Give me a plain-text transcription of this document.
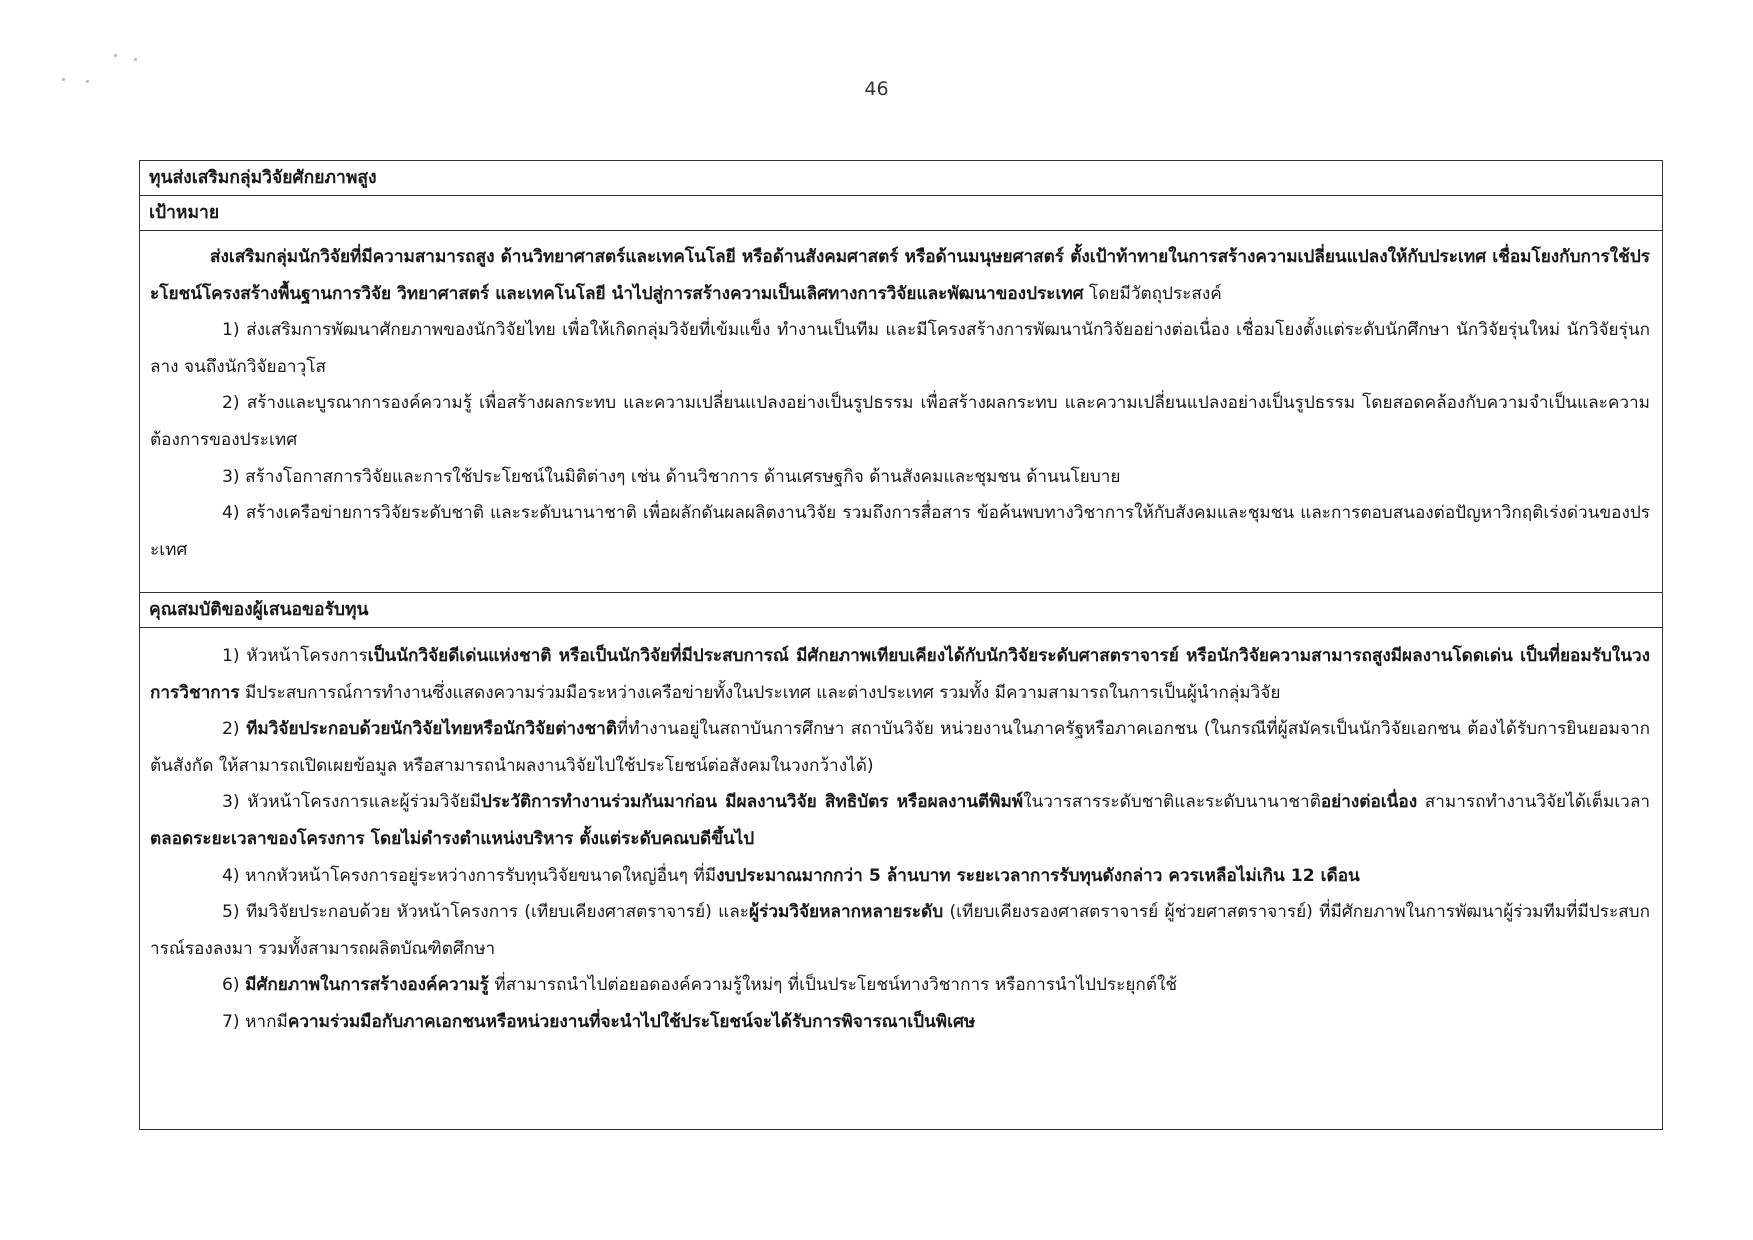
46
ทุนส่งเสริมกลุ่มวิจัยศักยภาพสูง
เป้าหมาย

ส่งเสริมกลุ่มนักวิจัยที่มีความสามารถสูง ด้านวิทยาศาสตร์และเทคโนโลยี หรือด้านสังคมศาสตร์ หรือด้านมนุษยศาสตร์ ตั้งเป้าท้าทายในการสร้างความเปลี่ยนแปลงให้กับประเทศ เชื่อมโยงกับการใช้ประโยชน์โครงสร้างพื้นฐานการวิจัย วิทยาศาสตร์ และเทคโนโลยี นำไปสู่การสร้างความเป็นเลิศทางการวิจัยและพัฒนาของประเทศ โดยมีวัตถุประสงค์

1) ส่งเสริมการพัฒนาศักยภาพของนักวิจัยไทย เพื่อให้เกิดกลุ่มวิจัยที่เข้มแข็ง ทำงานเป็นทีม และมีโครงสร้างการพัฒนานักวิจัยอย่างต่อเนื่อง เชื่อมโยงตั้งแต่ระดับนักศึกษา นักวิจัยรุ่นใหม่ นักวิจัยรุ่นกลาง จนถึงนักวิจัยอาวุโส

2) สร้างและบูรณาการองค์ความรู้ เพื่อสร้างผลกระทบ และความเปลี่ยนแปลงอย่างเป็นรูปธรรม เพื่อสร้างผลกระทบ และความเปลี่ยนแปลงอย่างเป็นรูปธรรม โดยสอดคล้องกับความจำเป็นและความต้องการของประเทศ

3) สร้างโอกาสการวิจัยและการใช้ประโยชน์ในมิติต่างๆ เช่น ด้านวิชาการ ด้านเศรษฐกิจ ด้านสังคมและชุมชน ด้านนโยบาย

4) สร้างเครือข่ายการวิจัยระดับชาติ และระดับนานาชาติ เพื่อผลักดันผลผลิตงานวิจัย รวมถึงการสื่อสาร ข้อค้นพบทางวิชาการให้กับสังคมและชุมชน และการตอบสนองต่อปัญหาวิกฤติเร่งด่วนของประเทศ

คุณสมบัติของผู้เสนอขอรับทุน

1) หัวหน้าโครงการเป็นนักวิจัยดีเด่นแห่งชาติ หรือเป็นนักวิจัยที่มีประสบการณ์ มีศักยภาพเทียบเคียงได้กับนักวิจัยระดับศาสตราจารย์ หรือนักวิจัยความสามารถสูงมีผลงานโดดเด่น เป็นที่ยอมรับในวงการวิชาการ มีประสบการณ์การทำงานซึ่งแสดงความร่วมมือระหว่างเครือข่ายทั้งในประเทศ และต่างประเทศ รวมทั้ง มีความสามารถในการเป็นผู้นำกลุ่มวิจัย

2) ทีมวิจัยประกอบด้วยนักวิจัยไทยหรือนักวิจัยต่างชาติที่ทำงานอยู่ในสถาบันการศึกษา สถาบันวิจัย หน่วยงานในภาครัฐหรือภาคเอกชน (ในกรณีที่ผู้สมัครเป็นนักวิจัยเอกชน ต้องได้รับการยินยอมจากต้นสังกัด ให้สามารถเปิดเผยข้อมูล หรือสามารถนำผลงานวิจัยไปใช้ประโยชน์ต่อสังคมในวงกว้างได้)

3) หัวหน้าโครงการและผู้ร่วมวิจัยมีประวัติการทำงานร่วมกันมาก่อน มีผลงานวิจัย สิทธิบัตร หรือผลงานตีพิมพ์ในวารสารระดับชาติและระดับนานาชาติอย่างต่อเนื่อง สามารถทำงานวิจัยได้เต็มเวลา ตลอดระยะเวลาของโครงการ โดยไม่ดำรงตำแหน่งบริหาร ตั้งแต่ระดับคณบดีขึ้นไป

4) หากหัวหน้าโครงการอยู่ระหว่างการรับทุนวิจัยขนาดใหญ่อื่นๆ ที่มีงบประมาณมากกว่า 5 ล้านบาท ระยะเวลาการรับทุนดังกล่าว ควรเหลือไม่เกิน 12 เดือน

5) ทีมวิจัยประกอบด้วย หัวหน้าโครงการ (เทียบเคียงศาสตราจารย์) และผู้ร่วมวิจัยหลากหลายระดับ (เทียบเคียงรองศาสตราจารย์ ผู้ช่วยศาสตราจารย์) ที่มีศักยภาพในการพัฒนาผู้ร่วมทีมที่มีประสบการณ์รองลงมา รวมทั้งสามารถผลิตบัณฑิตศึกษา

6) มีศักยภาพในการสร้างองค์ความรู้ ที่สามารถนำไปต่อยอดองค์ความรู้ใหม่ๆ ที่เป็นประโยชน์ทางวิชาการ หรือการนำไปประยุกต์ใช้

7) หากมีความร่วมมือกับภาคเอกชนหรือหน่วยงานที่จะนำไปใช้ประโยชน์จะได้รับการพิจารณาเป็นพิเศษ
